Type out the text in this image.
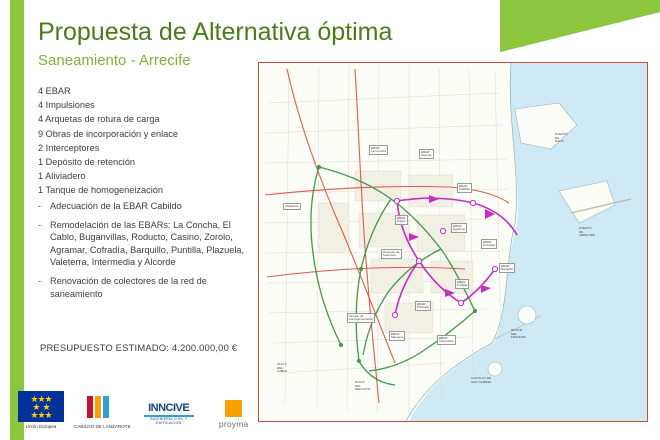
Propuesta de Alternativa óptima
Saneamiento - Arrecife
4 EBAR
4 Impulsiones
4 Arquetas de rotura de carga
9 Obras de incorporación y enlace
2 Interceptores
1 Depósito de retención
1 Aliviadero
1 Tanque de homogeneización
- Adecuación de la EBAR Cabildo
- Remodelación de las EBARs: La Concha, El Cablo, Buganvillas, Roducto, Casino, Zorolo, Agramar, Cofradía, Barquillo, Puntilla, Plazuela, Valeterra, Intermedia y Alcorde
- Renovación de colectores de la red de saneamiento
PRESUPUESTO ESTIMADO: 4.200.000,00 €
★★★
★  ★
★★★
Unión Europea	CABILDO DE LANZAROTE
INNCIVE
INGENIERIA CIVIL Y EDIFICACION	proyma
EBAR
La Concha	EBAR
Alcorde
Aliviadero
EBAR
Cabildo
EBAR
Zorolo
EBAR
Agramar
Depósito de
retención
EBAR
Cofradía
EBAR
Barquillo
EBAR
Puntilla
EBAR
Plazuela
Tanque de
homogeneización
EBAR
Valeterra	EBAR
Intermedia
PLAYA
DEL
CABLE
PLAYA
DEL
REDUCTO
PUERTO
DE
NAOS
PUERTO
DE
ARRECIFE
ISLOTE
DEL
FRANCES
CASTILLO DE
SAN GABRIEL
